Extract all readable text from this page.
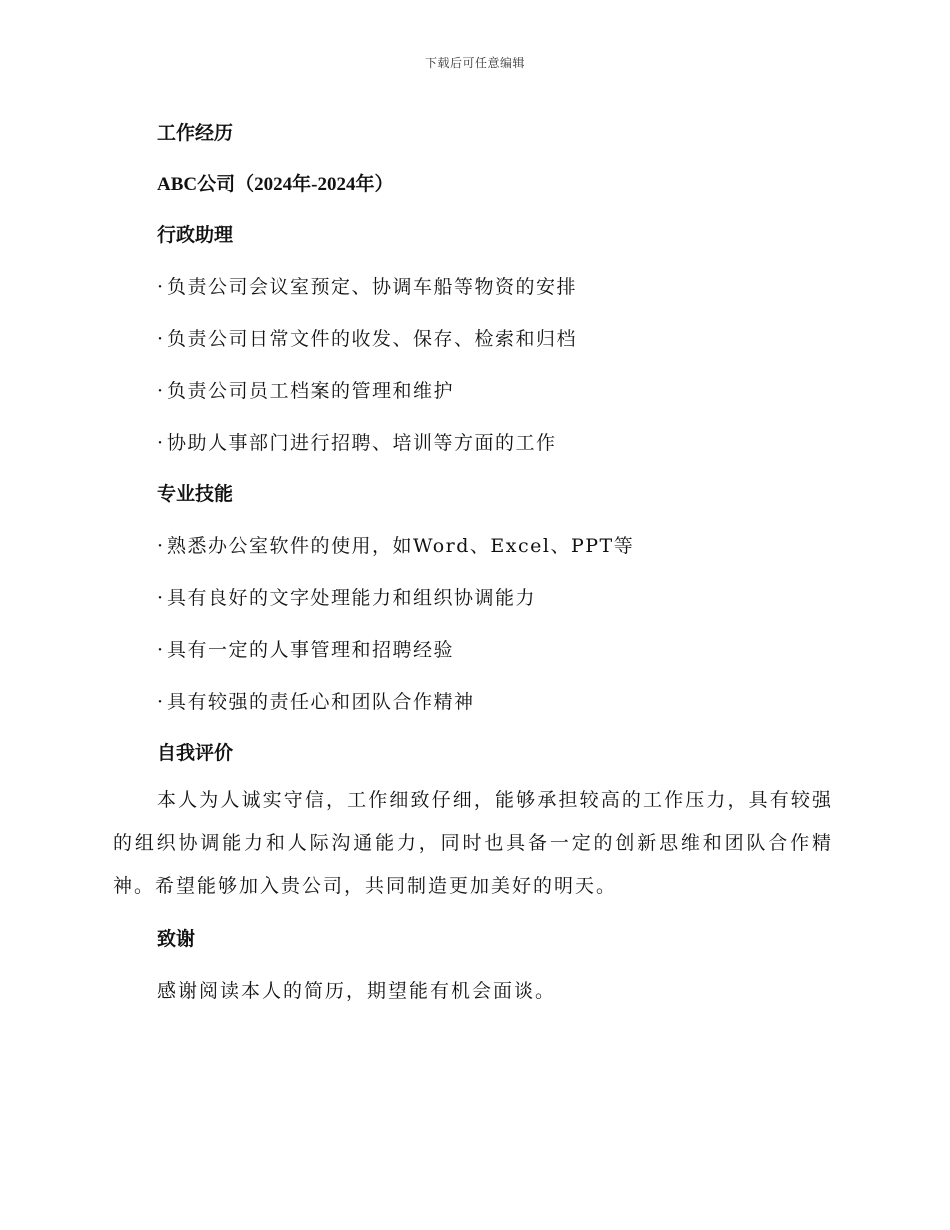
下载后可任意编辑
工作经历
ABC公司（2024年-2024年）
行政助理
· 负责公司会议室预定、协调车船等物资的安排
· 负责公司日常文件的收发、保存、检索和归档
· 负责公司员工档案的管理和维护
· 协助人事部门进行招聘、培训等方面的工作
专业技能
· 熟悉办公室软件的使用，如Word、Excel、PPT等
· 具有良好的文字处理能力和组织协调能力
· 具有一定的人事管理和招聘经验
· 具有较强的责任心和团队合作精神
自我评价

本人为人诚实守信，工作细致仔细，能够承担较高的工作压力，具有较强的组织协调能力和人际沟通能力，同时也具备一定的创新思维和团队合作精神。希望能够加入贵公司，共同制造更加美好的明天。

致谢
感谢阅读本人的简历，期望能有机会面谈。
